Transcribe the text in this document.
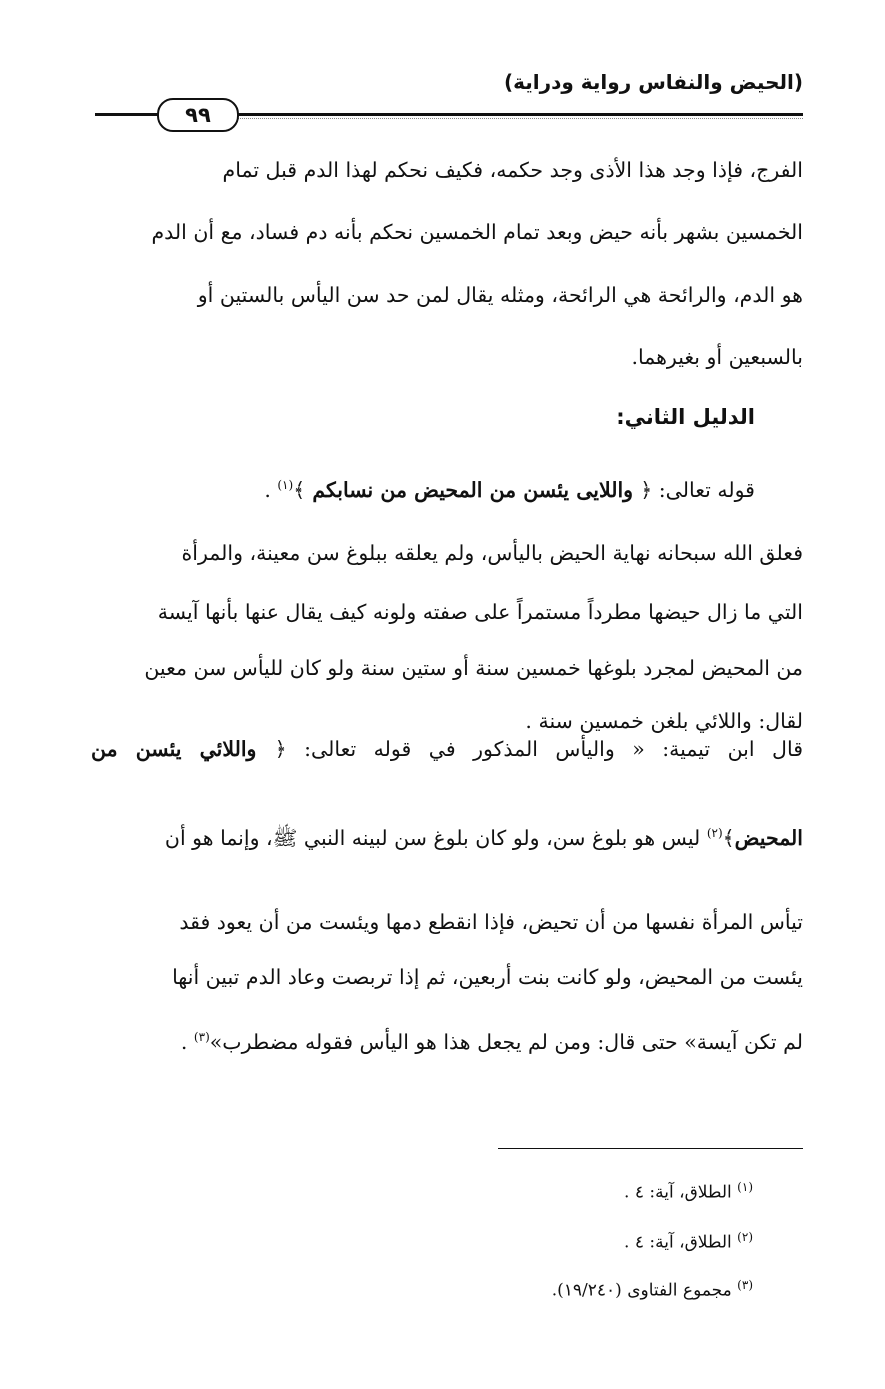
(الحيض والنفاس رواية ودراية)
٩٩
الفرج، فإذا وجد هذا الأذى وجد حكمه، فكيف نحكم لهذا الدم قبل تمام
الخمسين بشهر بأنه حيض وبعد تمام الخمسين نحكم بأنه دم فساد، مع أن الدم
هو الدم، والرائحة هي الرائحة، ومثله يقال لمن حد سن اليأس بالستين أو
بالسبعين أو بغيرهما.
الدليل الثاني:
قوله تعالى: ﴿ واللايى يئسن من المحيض من نسابكم ﴾$^{(١)}$ .
فعلق الله سبحانه نهاية الحيض باليأس، ولم يعلقه ببلوغ سن معينة، والمرأة
التي ما زال حيضها مطرداً مستمراً على صفته ولونه كيف يقال عنها بأنها آيسة
من المحيض لمجرد بلوغها خمسين سنة أو ستين سنة ولو كان لليأس سن معين
لقال: واللائي بلغن خمسين سنة .
قال ابن تيمية: « واليأس المذكور في قوله تعالى: ﴿ واللائي يئسن من
المحيض﴾$^{(٢)}$ ليس هو بلوغ سن، ولو كان بلوغ سن لبينه النبي ﷺ، وإنما هو أن
تيأس المرأة نفسها من أن تحيض، فإذا انقطع دمها ويئست من أن يعود فقد
يئست من المحيض، ولو كانت بنت أربعين، ثم إذا تربصت وعاد الدم تبين أنها
لم تكن آيسة» حتى قال: ومن لم يجعل هذا هو اليأس فقوله مضطرب»$^{(٣)}$ .
$^{(١)}$ الطلاق، آية: ٤ .
$^{(٢)}$ الطلاق، آية: ٤ .
$^{(٣)}$ مجموع الفتاوى (١٩/٢٤٠).
